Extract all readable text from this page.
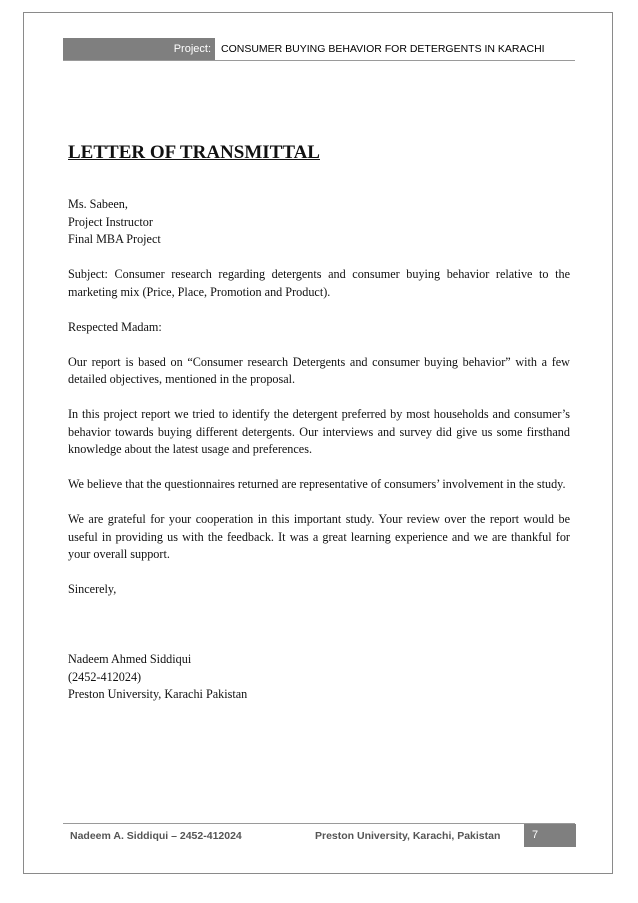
Project: CONSUMER BUYING BEHAVIOR FOR DETERGENTS IN KARACHI
LETTER OF TRANSMITTAL

Ms. Sabeen,
Project Instructor
Final MBA Project

Subject: Consumer research regarding detergents and consumer buying behavior relative to the marketing mix (Price, Place, Promotion and Product).

Respected Madam:

Our report is based on “Consumer research Detergents and consumer buying behavior” with a few detailed objectives, mentioned in the proposal.

In this project report we tried to identify the detergent preferred by most households and consumer’s behavior towards buying different detergents. Our interviews and survey did give us some firsthand knowledge about the latest usage and preferences.

We believe that the questionnaires returned are representative of consumers’ involvement in the study.

We are grateful for your cooperation in this important study. Your review over the report would be useful in providing us with the feedback. It was a great learning experience and we are thankful for your overall support.

Sincerely,

Nadeem Ahmed Siddiqui
(2452-412024)
Preston University, Karachi Pakistan

Nadeem A. Siddiqui – 2452-412024	Preston University, Karachi, Pakistan	7
